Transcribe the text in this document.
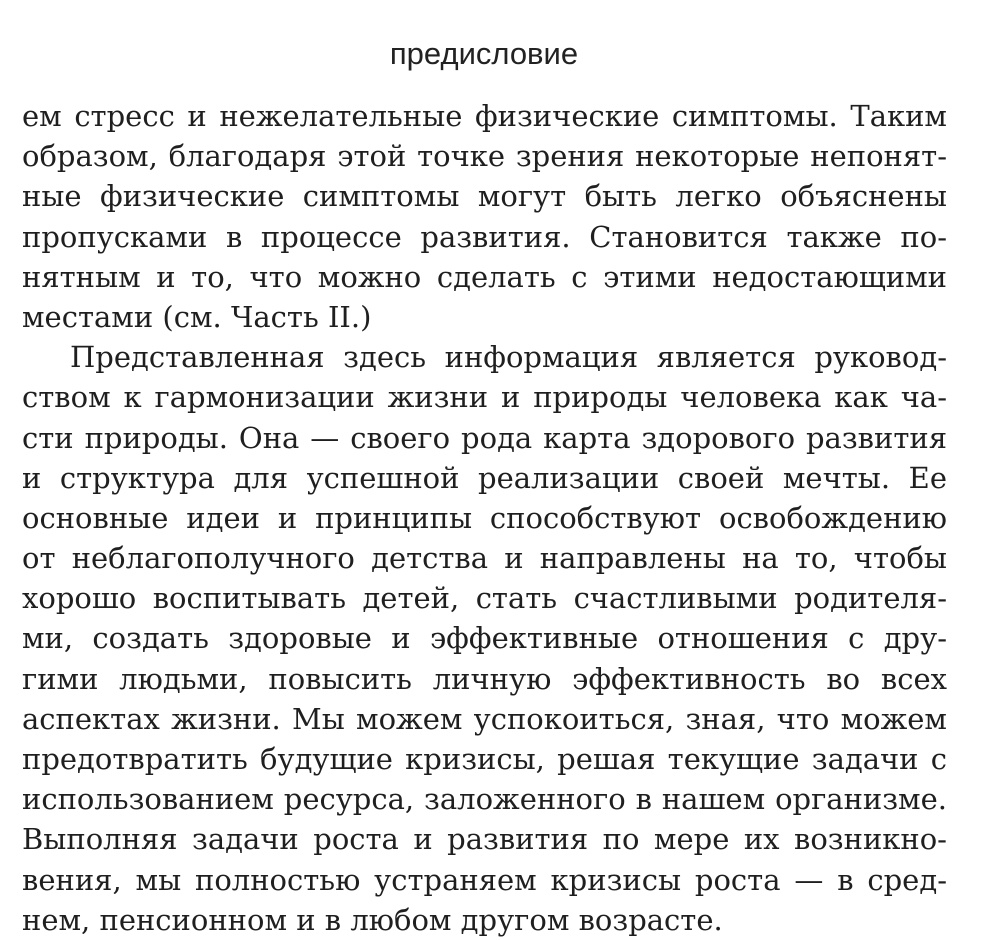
предисловие
ем стресс и нежелательные физические симптомы. Таким
образом, благодаря этой точке зрения некоторые непонят-
ные физические симптомы могут быть легко объяснены
пропусками в процессе развития. Становится также по-
нятным и то, что можно сделать с этими недостающими
местами (см. Часть II.)
Представленная здесь информация является руковод-
ством к гармонизации жизни и природы человека как ча-
сти природы. Она — своего рода карта здорового развития
и структура для успешной реализации своей мечты. Ее
основные идеи и принципы способствуют освобождению
от неблагополучного детства и направлены на то, чтобы
хорошо воспитывать детей, стать счастливыми родителя-
ми, создать здоровые и эффективные отношения с дру-
гими людьми, повысить личную эффективность во всех
аспектах жизни. Мы можем успокоиться, зная, что можем
предотвратить будущие кризисы, решая текущие задачи с
использованием ресурса, заложенного в нашем организме.
Выполняя задачи роста и развития по мере их возникно-
вения, мы полностью устраняем кризисы роста — в сред-
нем, пенсионном и в любом другом возрасте.
